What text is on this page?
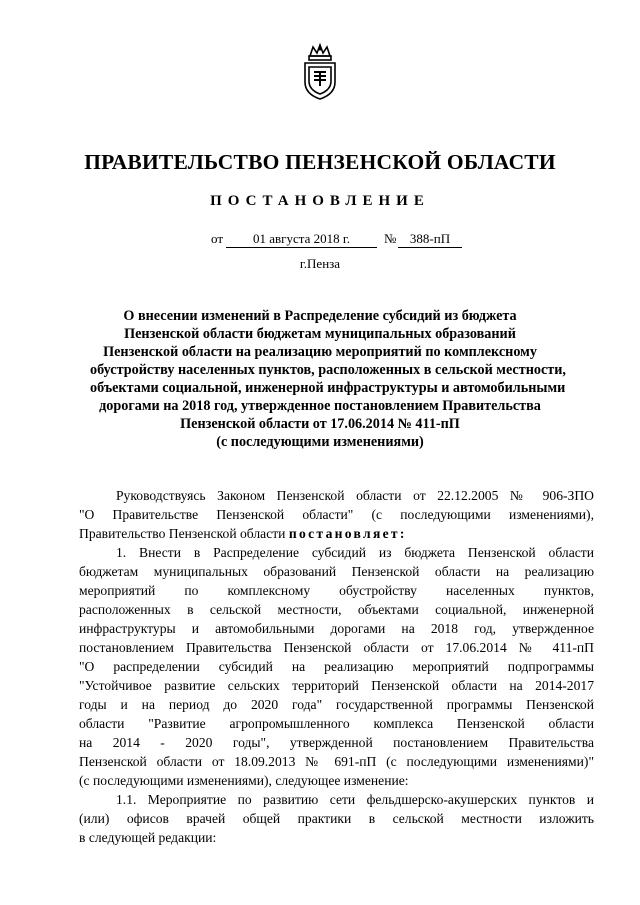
ПРАВИТЕЛЬСТВО ПЕНЗЕНСКОЙ ОБЛАСТИ
ПОСТАНОВЛЕНИЕ
от	01 августа 2018 г.	№	388-пП
г.Пенза
О внесении изменений в Распределение субсидий из бюджета
Пензенской области бюджетам муниципальных образований
Пензенской области на реализацию мероприятий по комплексному
обустройству населенных пунктов, расположенных в сельской местности,
объектами социальной, инженерной инфраструктуры и автомобильными
дорогами на 2018 год, утвержденное постановлением Правительства
Пензенской области от 17.06.2014 № 411-пП
(с последующими изменениями)
Руководствуясь Законом Пензенской области от 22.12.2005 № 906-ЗПО
"О Правительстве Пензенской области" (с последующими изменениями),
Правительство Пензенской области постановляет:
1. Внести в Распределение субсидий из бюджета Пензенской области
бюджетам муниципальных образований Пензенской области на реализацию
мероприятий по комплексному обустройству населенных пунктов,
расположенных в сельской местности, объектами социальной, инженерной
инфраструктуры и автомобильными дорогами на 2018 год, утвержденное
постановлением Правительства Пензенской области от 17.06.2014 № 411-пП
"О распределении субсидий на реализацию мероприятий подпрограммы
"Устойчивое развитие сельских территорий Пензенской области на 2014-2017
годы и на период до 2020 года" государственной программы Пензенской
области "Развитие агропромышленного комплекса Пензенской области
на 2014 - 2020 годы", утвержденной постановлением Правительства
Пензенской области от 18.09.2013 № 691-пП (с последующими изменениями)"
(с последующими изменениями), следующее изменение:
1.1. Мероприятие по развитию сети фельдшерско-акушерских пунктов и
(или) офисов врачей общей практики в сельской местности изложить
в следующей редакции:
